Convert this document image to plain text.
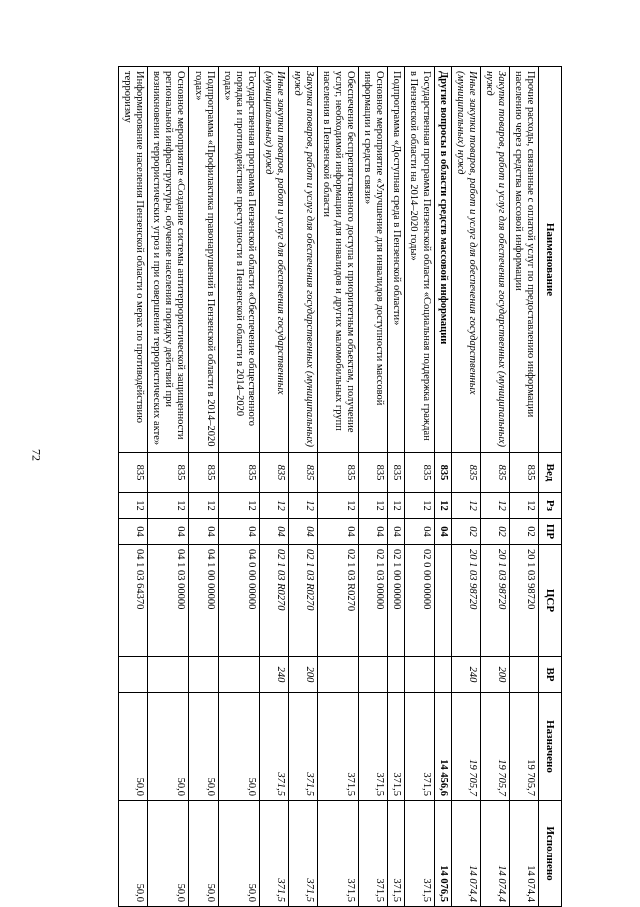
72
Наименование	Вед	Рз	ПР	ЦСР	ВР	Назначено	Исполнено
Прочие расходы, связанные с оплатой услуг по предоставлению информации населению через средства массовой информации	835	12	02	20 1 03 98720		19 705,7	14 074,4
Закупка товаров, работ и услуг для обеспечения государственных (муниципальных) нужд	835	12	02	20 1 03 98720	200	19 705,7	14 074,4
Иные закупки товаров, работ и услуг для обеспечения государственных (муниципальных) нужд	835	12	02	20 1 03 98720	240	19 705,7	14 074,4
Другие вопросы в области средств массовой информации	835	12	04			14 456,6	14 076,5
Государственная программа Пензенской области «Социальная поддержка граждан в Пензенской области на 2014–2020 годы»	835	12	04	02 0 00 00000		371,5	371,5
Подпрограмма «Доступная среда в Пензенской области»	835	12	04	02 1 00 00000		371,5	371,5
Основное мероприятие «Улучшение для инвалидов доступности массовой информации и средств связи»	835	12	04	02 1 03 00000		371,5	371,5
Обеспечение беспрепятственного доступа к приоритетным объектам, получение услуг, необходимой информации для инвалидов и других маломобильных групп населения в Пензенской области	835	12	04	02 1 03 R0270		371,5	371,5
Закупка товаров, работ и услуг для обеспечения государственных (муниципальных) нужд	835	12	04	02 1 03 R0270	200	371,5	371,5
Иные закупки товаров, работ и услуг для обеспечения государственных (муниципальных) нужд	835	12	04	02 1 03 R0270	240	371,5	371,5
Государственная программа Пензенской области «Обеспечение общественного порядка и противодействие преступности в Пензенской области в 2014–2020 годах»	835	12	04	04 0 00 00000		50,0	50,0
Подпрограмма «Профилактика правонарушений в Пензенской области в 2014–2020 годах»	835	12	04	04 1 00 00000		50,0	50,0
Основное мероприятие «Создание системы антитеррористической защищенности региональной инфраструктуры, обучение населения порядку действий при возникновении террористических угроз и при совершении террористических акте»	835	12	04	04 1 03 00000		50,0	50,0
Информирование населения Пензенской области о мерах по противодействию терроризму	835	12	04	04 1 03 64370		50,0	50,0
